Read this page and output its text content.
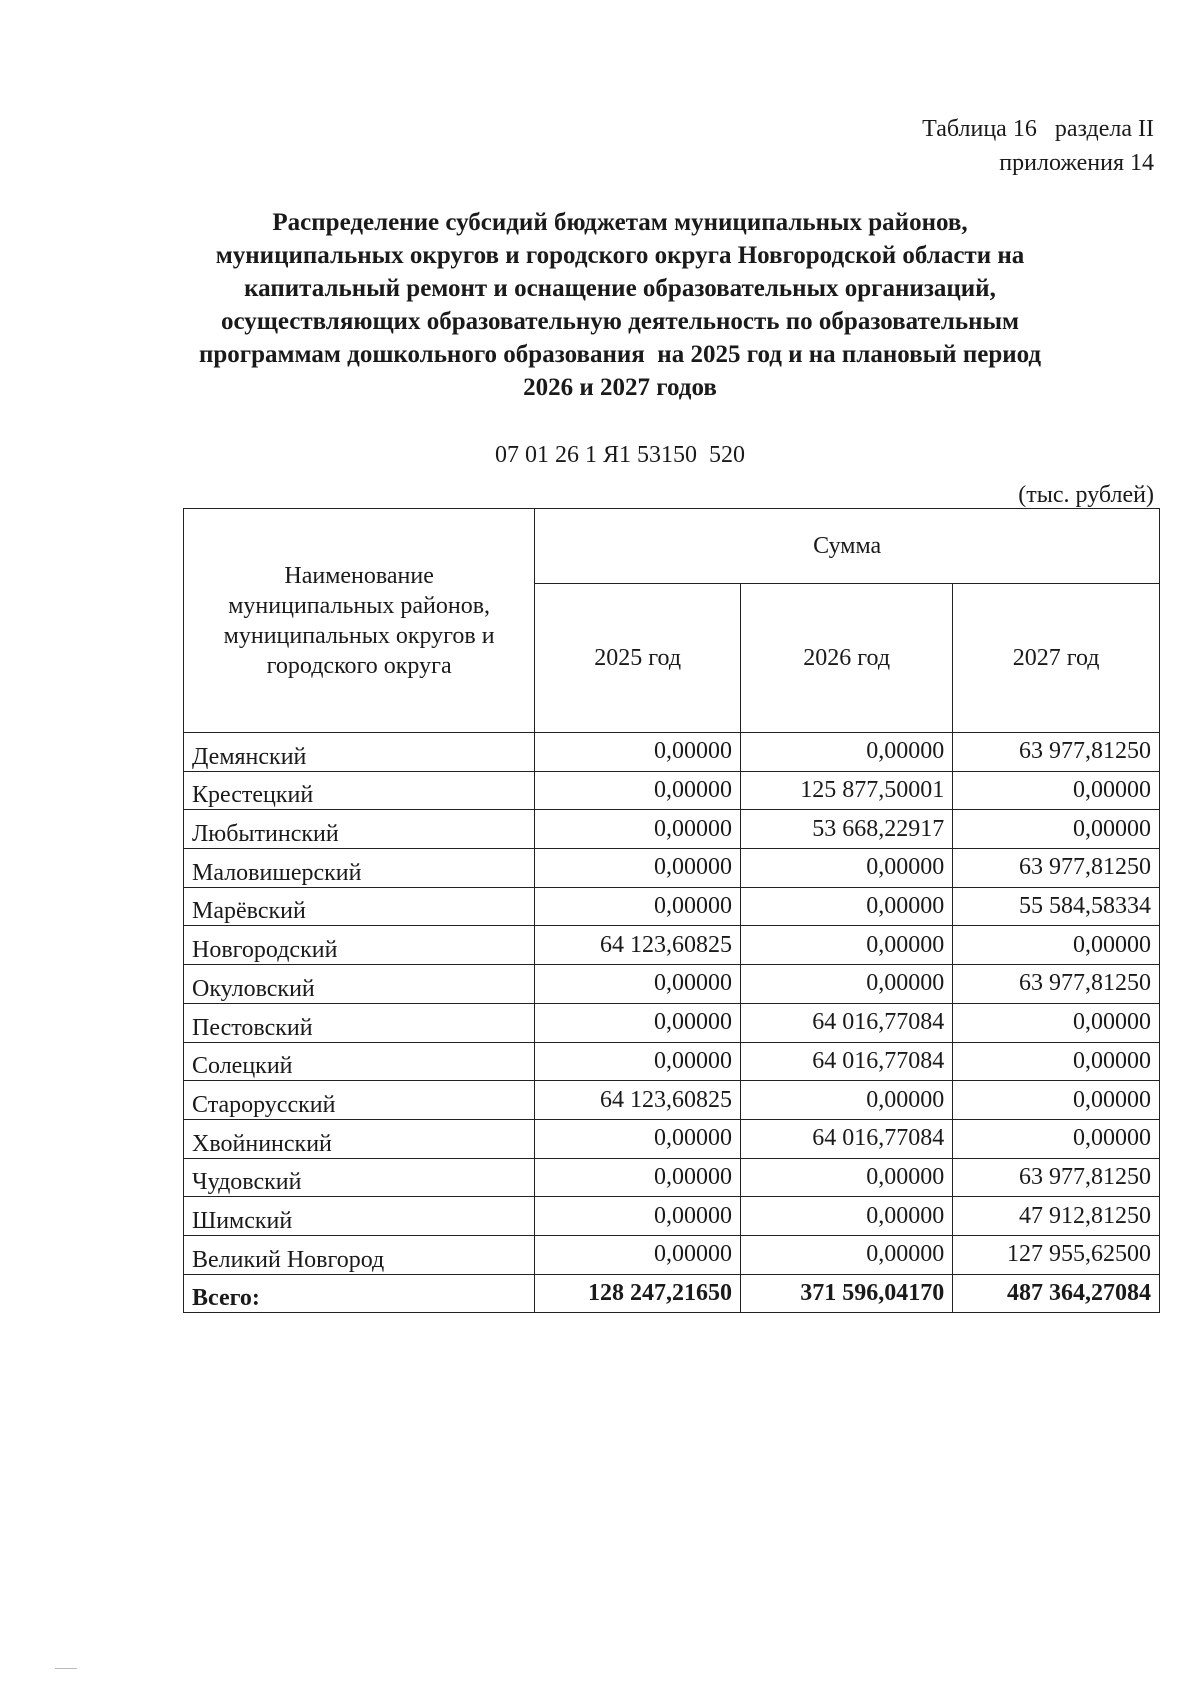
Таблица 16   раздела II
приложения 14
Распределение субсидий бюджетам муниципальных районов,
муниципальных округов и городского округа Новгородской области на
капитальный ремонт и оснащение образовательных организаций,
осуществляющих образовательную деятельность по образовательным
программам дошкольного образования  на 2025 год и на плановый период
2026 и 2027 годов
07 01 26 1 Я1 53150  520
(тыс. рублей)
Наименование
муниципальных районов,
муниципальных округов и
городского округа	Сумма		
	2025 год	2026 год	2027 год
Демянский	0,00000	0,00000	63 977,81250
Крестецкий	0,00000	125 877,50001	0,00000
Любытинский	0,00000	53 668,22917	0,00000
Маловишерский	0,00000	0,00000	63 977,81250
Марёвский	0,00000	0,00000	55 584,58334
Новгородский	64 123,60825	0,00000	0,00000
Окуловский	0,00000	0,00000	63 977,81250
Пестовский	0,00000	64 016,77084	0,00000
Солецкий	0,00000	64 016,77084	0,00000
Старорусский	64 123,60825	0,00000	0,00000
Хвойнинский	0,00000	64 016,77084	0,00000
Чудовский	0,00000	0,00000	63 977,81250
Шимский	0,00000	0,00000	47 912,81250
Великий Новгород	0,00000	0,00000	127 955,62500
Всего:	128 247,21650	371 596,04170	487 364,27084
